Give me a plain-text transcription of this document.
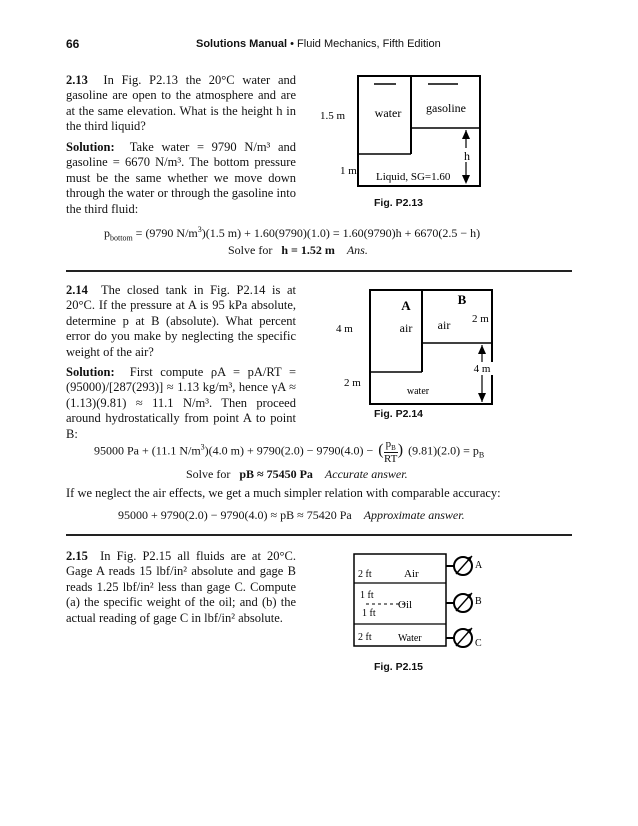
66	Solutions Manual • Fluid Mechanics, Fifth Edition
2.13 In Fig. P2.13 the 20°C water and gasoline are open to the atmosphere and are at the same elevation. What is the height h in the third liquid?
Solution: Take water = 9790 N/m³ and gasoline = 6670 N/m³. The bottom pressure must be the same whether we move down through the water or through the gasoline into the third fluid:
1.5 m
1 m
water gasoline
Liquid, SG=1.60
h
Fig. P2.13
$p_{bottom} = (9790$ $N/m^3)(1.5$ m) + 1.60(9790)(1.0) = 1.60(9790)h + 6670(2.5 − h)
Solve for h = 1.52 m Ans.
2.14 The closed tank in Fig. P2.14 is at 20°C. If the pressure at A is 95 kPa absolute, determine p at B (absolute). What percent error do you make by neglecting the specific weight of the air?
Solution: First compute ρA = pA/RT = (95000)/[287(293)] ≈ 1.13 kg/m³, hence γA ≈ (1.13)(9.81) ≈ 11.1 N/m³. Then proceed around hydrostatically from point A to point B:
A	B
air air
water
4 m
2 m
2 m
4 m
Fig. P2.14
95000 Pa + (11.1 $N/m^3)(4.0$ m) + 9790(2.0) − 9790(4.0) − ( $\frac{p_B}{RT}$ ) $(9.81)(2.0) = p_B$
Solve for pB ≈ 75450 Pa Accurate answer.
If we neglect the air effects, we get a much simpler relation with comparable accuracy:
95000 + 9790(2.0) − 9790(4.0) ≈ pB ≈ 75420 Pa Approximate answer.
2.15 In Fig. P2.15 all fluids are at 20°C. Gage A reads 15 lbf/in² absolute and gage B reads 1.25 lbf/in² less than gage C. Compute (a) the specific weight of the oil; and (b) the actual reading of gage C in lbf/in² absolute.
2 ft	Air
1 ft
Oil
1 ft
2 ft	Water
A
B
C
Fig. P2.15
